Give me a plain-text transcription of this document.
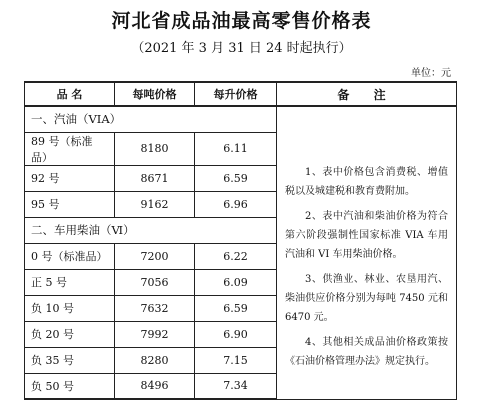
河北省成品油最高零售价格表
（2021 年 3 月 31 日 24 时起执行）
单位：元
品 名	每吨价格	每升价格	备 注
一、汽油（VIA）			1、表中价格包含消费税、增值税以及城建税和教育费附加。

2、表中汽油和柴油价格为符合第六阶段强制性国家标准 VIA 车用汽油和 VI 车用柴油价格。

3、供渔业、林业、农垦用汽、柴油供应价格分别为每吨 7450 元和 6470 元。

4、其他相关成品油价格政策按《石油价格管理办法》规定执行。

89 号（标准品）	8180	6.11	
92 号	8671	6.59	
95 号	9162	6.96	
二、车用柴油（Ⅵ）			
0 号（标准品）	7200	6.22	
正 5 号	7056	6.09	
负 10 号	7632	6.59	
负 20 号	7992	6.90	
负 35 号	8280	7.15	
负 50 号	8496	7.34	
